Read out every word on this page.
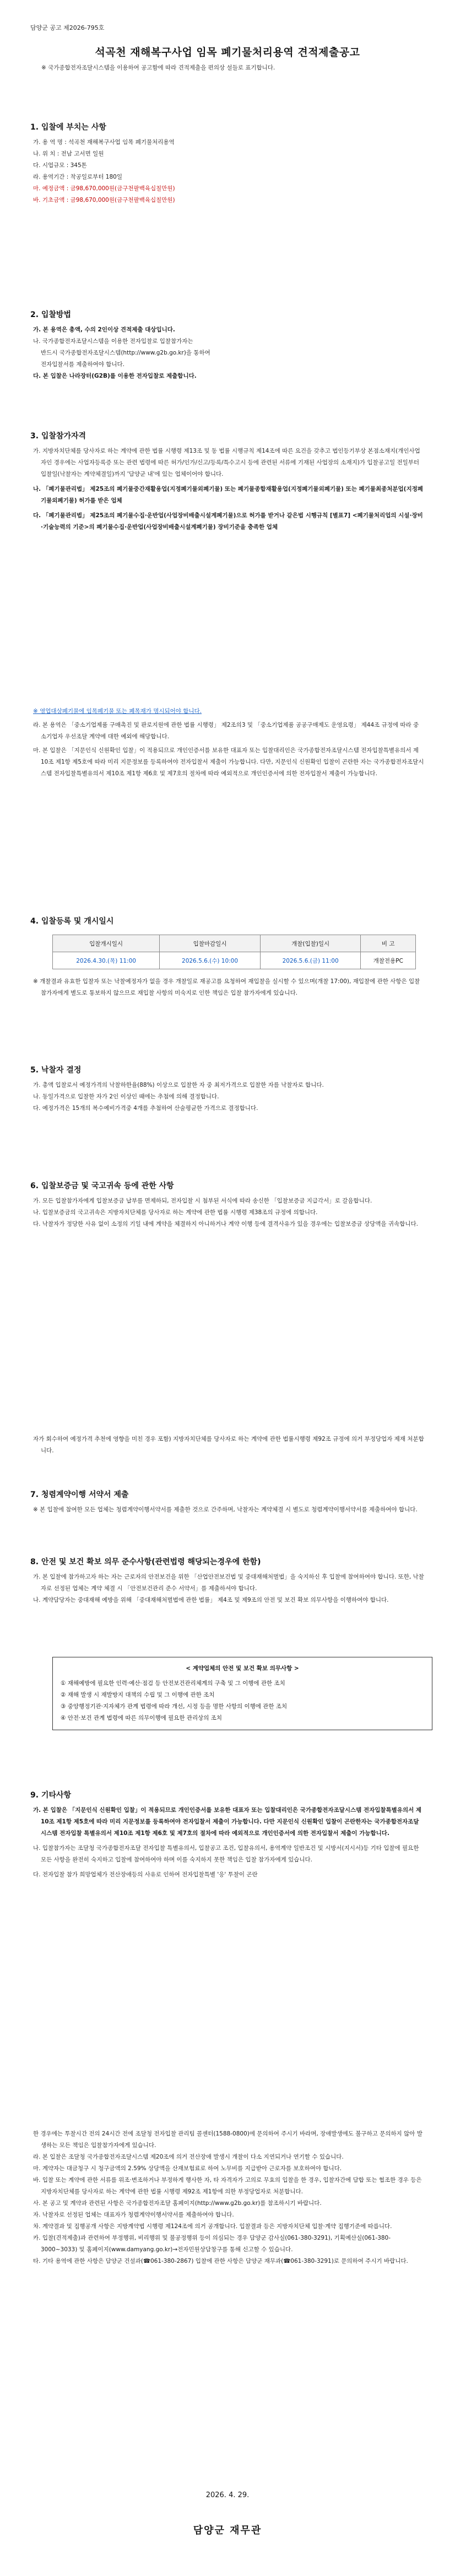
담양군 공고 제2026-795호
석곡천 재해복구사업 임목 폐기물처리용역 견적제출공고
※ 국가종합전자조달시스템을 이용하여 공고함에 따라 견적제출을 편의상 설들로 표기합니다.
1. 입찰에 부치는 사항

가. 용 역 명 : 석곡천 재해복구사업 임목 폐기물처리용역

나. 위 치 : 전남 고서면 일원

다. 시업규모 : 345톤

라. 용역기간 : 착공일로부터 180일

마. 예정금액 : 금98,670,000원(금구천팔백육십칠만원)

바. 기초금액 : 금98,670,000원(금구천팔백육십칠만원)

2. 입찰방법

가. 본 용역은 총액, 수의 2인이상 견적제출 대상입니다.

나. 국가종합전자조달시스템을 이용한 전자입찰로 입찰참가자는

반드시 국가종합전자조달시스템(http://www.g2b.go.kr)을 통하여

전자입찰서를 제출하여야 합니다.

다. 본 입찰은 나라장터(G2B)를 이용한 전자입찰로 제출합니다.

3. 입찰참가자격

가. 지방자치단체를 당사자로 하는 계약에 관한 법률 시행령 제13조 및 동 법률 시행규칙 제14조에 따른 요건을 갖추고 법인등기부상 본점소재지(개인사업자인 경우에는 사업자등록증 또는 관련 법령에 따른 허가/인가/신고/등록/특수고시 등에 관련된 서류에 기재된 사업장의 소재지)가 입찰공고일 전일부터 입찰일(낙찰자는 계약체결일)까지 '담양군 내'에 있는 업체이어야 합니다.

나. 「폐기물관리법」 제25조의 폐기물중간재활용업(지정폐기물외폐기물) 또는 폐기물종합재활용업(지정폐기물외폐기물) 또는 폐기물최종처분업(지정폐기물외폐기물) 허가를 받은 업체

다. 「폐기물관리법」 제25조의 폐기물수집·운반업(사업장비배출시설계폐기물)으로 허가를 받거나 같은법 시행규칙 [별표7] <폐기물처리업의 시설·장비·기술능력의 기준>의 폐기물수집·운반업(사업장비배출시설계폐기물) 장비기준을 충족한 업체

※ 영업대상폐기물에 임목폐기물 또는 폐목재가 명시되어야 합니다.

라. 본 용역은 「중소기업제품 구매촉진 및 판로지원에 관한 법률 시행령」 제2조의3 및 「중소기업제품 공공구매제도 운영요령」 제44조 규정에 따라 중소기업자 우선조달 계약에 대한 예외에 해당합니다.

마. 본 입찰은 「지문인식 신원확인 입찰」이 적용되므로 개인인증서를 보유한 대표자 또는 입찰대리인은 국가종합전자조달시스템 전자입찰특별유의서 제10조 제1항 제5호에 따라 미리 지문정보를 등록하여야 전자입찰서 제출이 가능합니다. 다만, 지문인식 신원확인 입찰이 곤란한 자는 국가종합전자조달시스템 전자입찰특별유의서 제10조 제1항 제6호 및 제7호의 절차에 따라 예외적으로 개인인증서에 의한 전자입찰서 제출이 가능합니다.

4. 입찰등록 및 개시일시
입찰개시일시	입찰마감일시	개찰(입찰)일시	비 고
2026.4.30.(목) 11:00	2026.5.6.(수) 10:00	2026.5.6.(금) 11:00	개찰전용PC

※ 개찰결과 유효한 입찰자 또는 낙찰예정자가 없을 경우 개찰일로 재공고를 요청하여 재입찰을 실시할 수 있으며(개찰 17:00), 재입찰에 관한 사항은 입찰 참가자에게 별도로 통보하지 않으므로 재입찰 사항의 미숙지로 인한 책임은 입찰 참가자에게 있습니다.

5. 낙찰자 결정

가. 총액 입찰로서 예정가격의 낙찰하한율(88%) 이상으로 입찰한 자 중 최저가격으로 입찰한 자를 낙찰자로 합니다.

나. 동일가격으로 입찰한 자가 2인 이상인 때에는 추첨에 의해 결정합니다.

다. 예정가격은 15개의 복수예비가격중 4개를 추첨하여 산술평균한 가격으로 결정합니다.

6. 입찰보증금 및 국고귀속 등에 관한 사항

가. 모든 입찰참가자에게 입찰보증금 납부를 면제하되, 전자입찰 시 첨부된 서식에 따라 송신한 「입찰보증금 지급각서」로 갈음합니다.

나. 입찰보증금의 국고귀속은 지방자치단체를 당사자로 하는 계약에 관한 법률 시행령 제38조의 규정에 의합니다.

다. 낙찰자가 정당한 사유 없이 소정의 기일 내에 계약을 체결하지 아니하거나 계약 이행 등에 결격사유가 있을 경우에는 입찰보증금 상당액을 귀속합니다.

자가 회수하여 예정가격 추천에 영향을 미친 경우 포함) 지방자치단체를 당사자로 하는 계약에 관한 법률시행령 제92조 규정에 의거 부정당업자 제재 처분합니다.

7. 청렴계약이행 서약서 제출

※ 본 입찰에 참여한 모든 업체는 청렴계약이행서약서를 제출한 것으로 간주하며, 낙찰자는 계약체결 시 별도로 청렴계약이행서약서를 제출하여야 합니다.

8. 안전 및 보건 확보 의무 준수사항(관련법령 해당되는경우에 한함)

가. 본 입찰에 참가하고자 하는 자는 근로자의 안전보건을 위한 「산업안전보건법 및 중대재해처벌법」을 숙지하신 후 입찰에 참여하여야 합니다. 또한, 낙찰자로 선정된 업체는 계약 체결 시 「안전보건관리 준수 서약서」를 제출하셔야 합니다.

나. 계약담당자는 중대재해 예방을 위해 「중대재해처벌법에 관한 법률」 제4조 및 제9조의 안전 및 보건 확보 의무사항을 이행하여야 합니다.

< 계약업체의 안전 및 보건 확보 의무사항 >

① 재해예방에 필요한 인력·예산·점검 등 안전보건관리체계의 구축 및 그 이행에 관한 조치

② 재해 발생 시 재발방지 대책의 수립 및 그 이행에 관한 조치

③ 중앙행정기관·지자체가 관계 법령에 따라 개선, 시정 등을 명한 사항의 이행에 관한 조치

④ 안전·보건 관계 법령에 따른 의무이행에 필요한 관리상의 조치

9. 기타사항

가. 본 입찰은 「지문인식 신원확인 입찰」이 적용되므로 개인인증서를 보유한 대표자 또는 입찰대리인은 국가종합전자조달시스템 전자입찰특별유의서 제10조 제1항 제5호에 따라 미리 지문정보를 등록하여야 전자입찰서 제출이 가능합니다. 다만 지문인식 신원확인 입찰이 곤란한자는 국가종합전자조달시스템 전자입찰 특별유의서 제10조 제1항 제6호 및 제7호의 절차에 따라 예외적으로 개인인증서에 의한 전자입찰서 제출이 가능합니다.

나. 입찰참가자는 조달청 국가종합전자조달 전자입찰 특별유의서, 입찰공고 조건, 입찰유의서, 용역계약 일반조건 및 시방서(지시서)등 기타 입찰에 필요한 모든 사항을 완전히 숙지하고 입찰에 참여하여야 하며 이를 숙지하지 못한 책임은 입찰 참가자에게 있습니다.

다. 전자입찰 참가 희망업체가 전산장애등의 사유로 인하여 전자입찰특별 '응' 투찰이 곤란

한 경우에는 투찰시간 전의 24시간 전에 조달청 전자입찰 관리팀 콜센터(1588-0800)에 문의하여 주시기 바라며, 장애발생에도 불구하고 문의하지 않아 발생하는 모든 책임은 입찰참가자에게 있습니다.

라. 본 입찰은 조달청 국가종합전자조달시스템 제20조에 의거 전산장애 발생시 개찰이 다소 지연되거나 연기할 수 있습니다.

마. 계약자는 대금청구 시 청구금액의 2.59% 상당액을 산재보험료로 하여 노무비를 지급받아 근로자를 보호하여야 합니다.

바. 입찰 또는 계약에 관한 서류를 위조·변조하거나 부정하게 행사한 자, 타 자격자가 고의로 무효의 입찰을 한 경우, 입찰자간에 담합 또는 협조한 경우 등은 지방자치단체를 당사자로 하는 계약에 관한 법률 시행령 제92조 제1항에 의한 부정당업자로 처분합니다.

사. 본 공고 및 계약과 관련된 사항은 국가종합전자조달 홈페이지(http://www.g2b.go.kr)를 참조하시기 바랍니다.

자. 낙찰자로 선정된 업체는 대표자가 청렴계약이행서약서를 제출하여야 합니다.

차. 계약결과 및 집행공개 사항은 지방계약법 시행령 제124조에 의거 공개합니다. 입찰결과 등은 지방자치단체 입찰·계약 집행기준에 따릅니다.

카. 입찰(견적제출)과 관련하여 부정행위, 비리행위 및 불공정행위 등이 의심되는 경우 담양군 감사실(061-380-3291), 기획예산실(061-380-3000~3033) 및 홈페이지(www.damyang.go.kr)→전자민원상담창구를 통해 신고할 수 있습니다.

타. 기타 용역에 관한 사항은 담양군 건설과(☎061-380-2867) 입찰에 관한 사항은 담양군 재무과(☎061-380-3291)로 문의하여 주시기 바랍니다.

2026. 4. 29.
담양군 재무관
